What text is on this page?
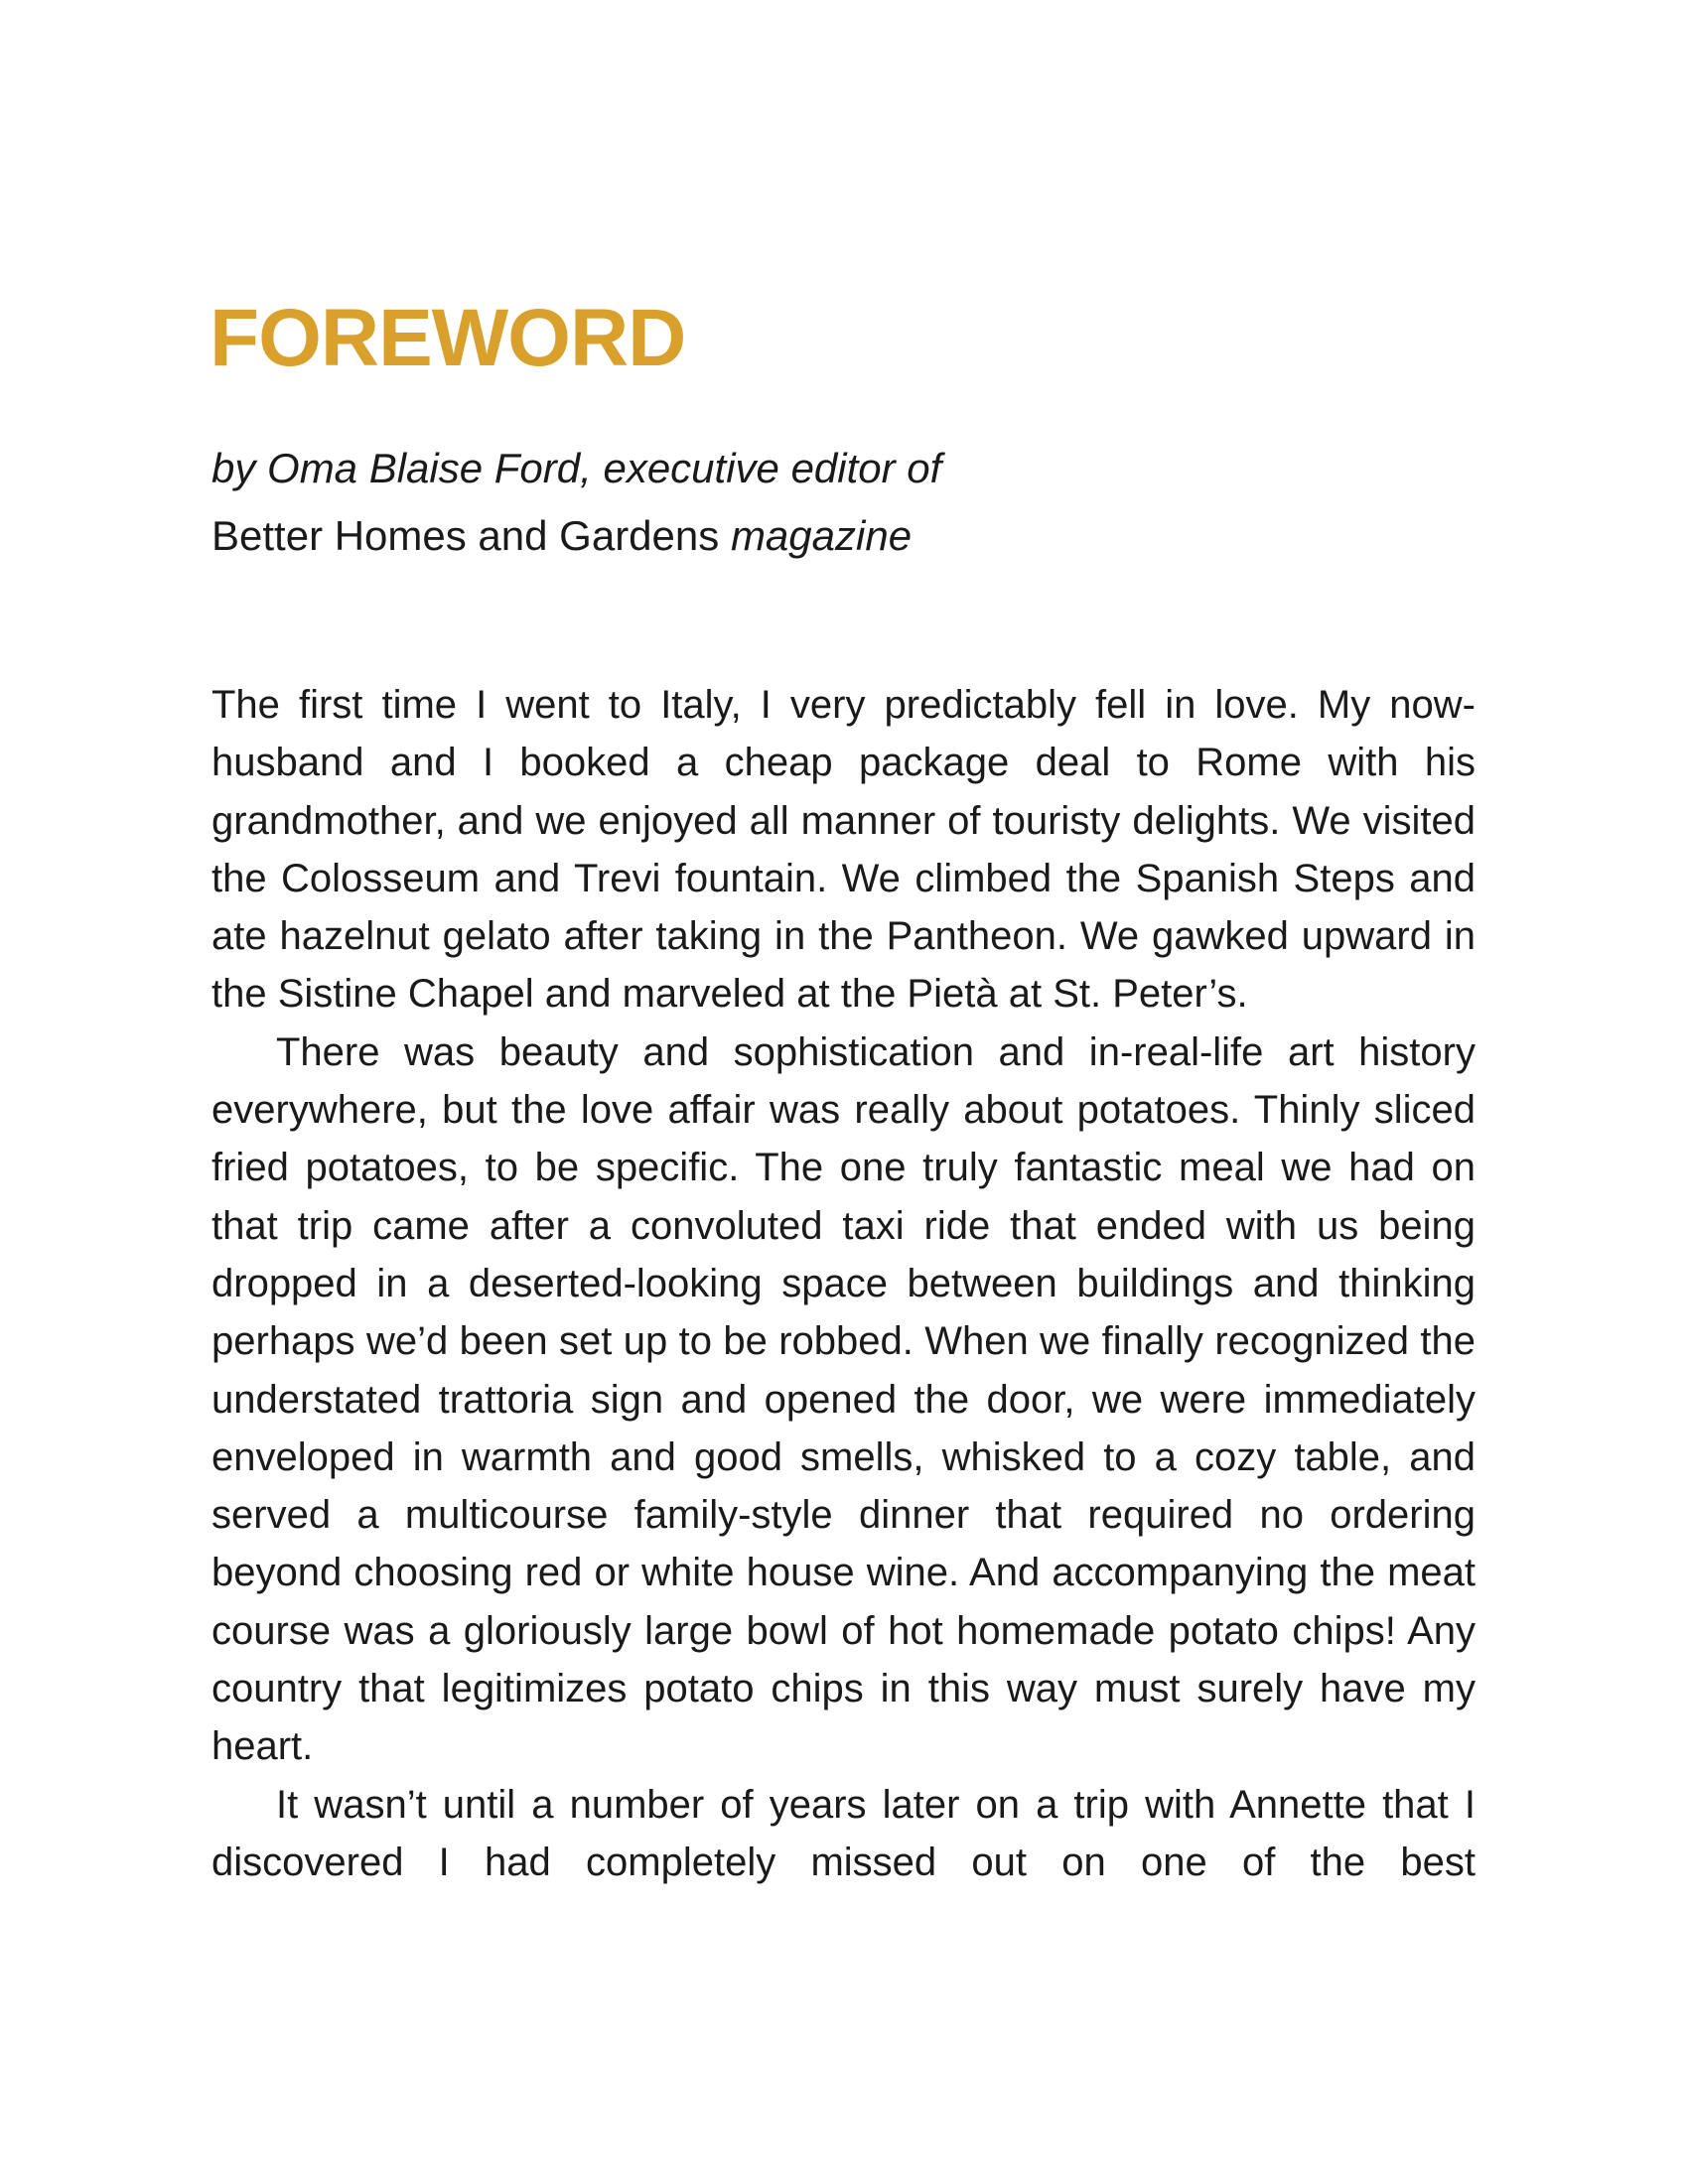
FOREWORD
by Oma Blaise Ford, executive editor of
Better Homes and Gardens magazine

The first time I went to Italy, I very predictably fell in love. My now-husband and I booked a cheap package deal to Rome with his grandmother, and we enjoyed all manner of touristy delights. We visited the Colosseum and Trevi fountain. We climbed the Spanish Steps and ate hazelnut gelato after taking in the Pantheon. We gawked upward in the Sistine Chapel and marveled at the Pietà at St. Peter’s.

There was beauty and sophistication and in-real-life art history everywhere, but the love affair was really about potatoes. Thinly sliced fried potatoes, to be specific. The one truly fantastic meal we had on that trip came after a convoluted taxi ride that ended with us being dropped in a deserted-looking space between buildings and thinking perhaps we’d been set up to be robbed. When we finally recognized the understated trattoria sign and opened the door, we were immediately enveloped in warmth and good smells, whisked to a cozy table, and served a multicourse family-style dinner that required no ordering beyond choosing red or white house wine. And accompanying the meat course was a gloriously large bowl of hot homemade potato chips! Any country that legitimizes potato chips in this way must surely have my heart.

It wasn’t until a number of years later on a trip with Annette that I discovered I had completely missed out on one of the best
